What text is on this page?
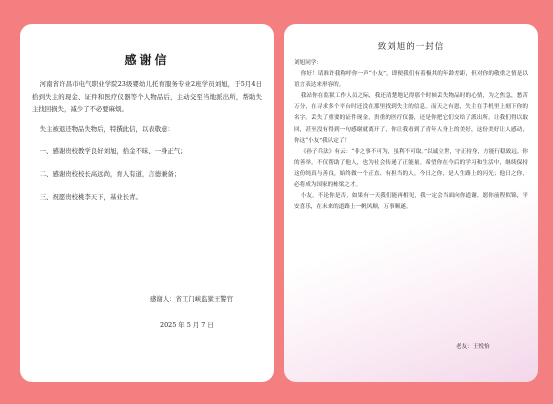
感谢信

河南省许昌市电气职业学院23级婴幼儿托育服务专业2班学员刘旭，于5月4日拾到失主的现金、证件和医疗仪器等个人物品后，主动交至当地派出所，帮助失主找回损失，减少了不必要麻烦。

失主被退还物品失物后，特撰此信，以表敬意：

一、感谢贵校教学良好刘旭，拾金不昧、一身正气；

二、感谢贵校校长高远尚，育人有道，言德兼备；

三、祝愿贵校桃李天下，基业长青。

感谢人：省工门峡监狱王警官
2025 年 5 月 7 日
致刘旭的一封信

刘旭同学：

你好！请准许我称呼你一声“小友”，即便我们有着极其的年龄差距，但对你的敬重之情是以语言表达来形容的。

我站你在监狱工作人员之际，我还清楚地记得那个时候丢失物品时的心情，为之焦急，愁苦万分，在寻求多个平台时还没在那里找到失主的信息。而天之有恩，失主在手机里上刻下你的名字。丢失了重要的证件现金，贵重的医疗仪器，还是你把它们交给了派出所，让我们得以取回，甚至没有得到一句感谢就离开了，你让我看到了青年人身上的美好，这份美好让人感动，你这“小友”我认定了！

《孙子兵法》有云：“非之事不可为，虽利不可取。”以诚立世，守正持身，方能行稳致远。你的善举，不仅帮助了他人，也为社会传递了正能量。希望你在今后的学习和生活中，继续保持这份纯真与善良，始终做一个正直、有担当的人。今日之你，是人生路上的闪光；他日之你，必将成为国家的栋梁之才。

小友，不论你是否，如果有一天我们能再相见，我一定会当面向你道谢。愿你前程似锦，平安喜乐，在未来的道路上一帆风顺，万事顺遂。

老友：王悦怡
